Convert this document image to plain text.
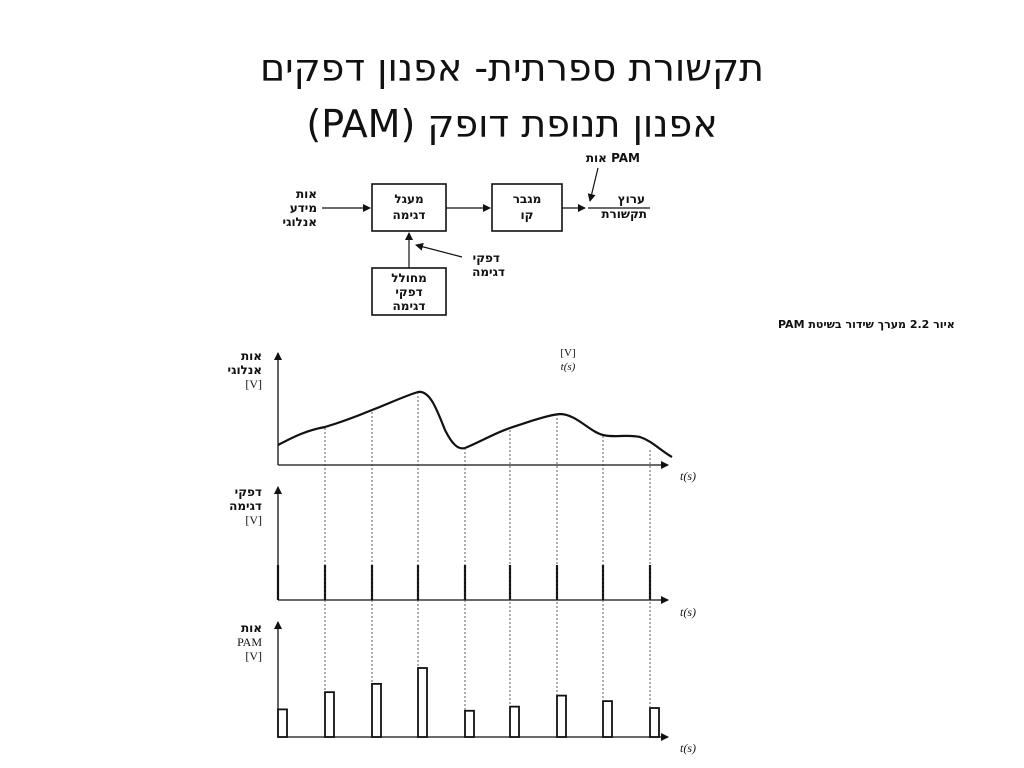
תקשורת ספרתית- אפנון דפקים
אפנון תנופת דופק (PAM)
אות
מידע
אנלוגי
מעגל
דגימה
מגבר
קו
אות PAM
ערוץ
תקשורת
מחולל
דפקי
דגימה
דפקי
דגימה
איור 2.2 מערך שידור בשיטת PAM
[V]
t(s)
אות
אנלוגי
[V]
t(s)
דפקי
דגימה
[V]
t(s)
אות
PAM
[V]
t(s)
